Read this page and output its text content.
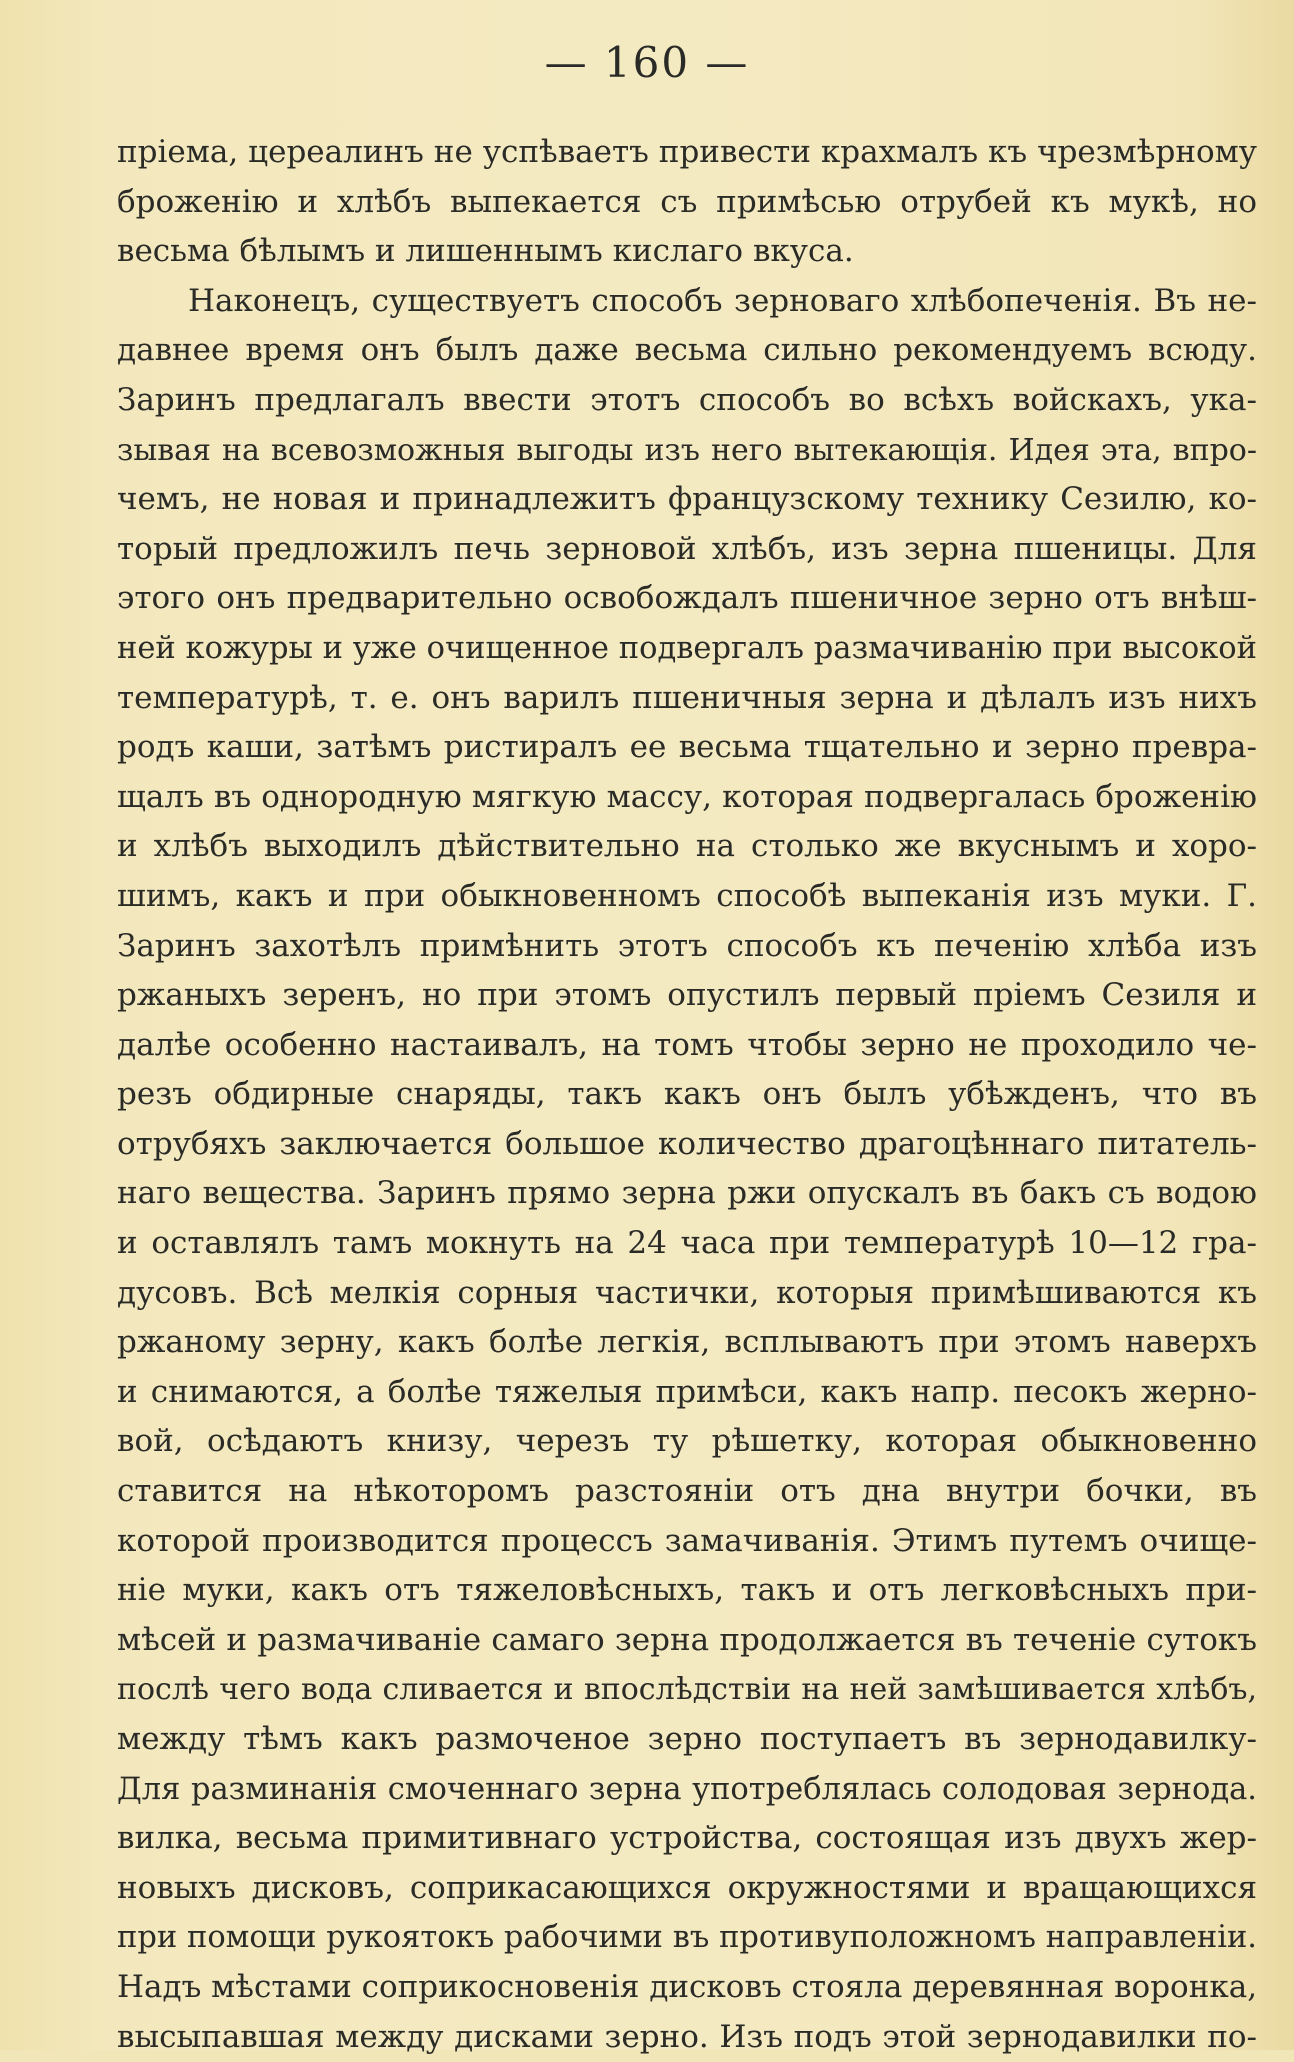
— 160 —
пріема, цереалинъ не успѣваетъ привести крахмалъ къ чрезмѣрному
броженію и хлѣбъ выпекается съ примѣсью отрубей къ мукѣ, но
весьма бѣлымъ и лишеннымъ кислаго вкуса.
Наконецъ, существуетъ способъ зерноваго хлѣбопеченія. Въ не-
давнее время онъ былъ даже весьма сильно рекомендуемъ всюду.
Заринъ предлагалъ ввести этотъ способъ во всѣхъ войскахъ, ука-
зывая на всевозможныя выгоды изъ него вытекающія. Идея эта, впро-
чемъ, не новая и принадлежитъ французскому технику Сезилю, ко-
торый предложилъ печь зерновой хлѣбъ, изъ зерна пшеницы. Для
этого онъ предварительно освобождалъ пшеничное зерно отъ внѣш-
ней кожуры и уже очищенное подвергалъ размачиванію при высокой
температурѣ, т. е. онъ варилъ пшеничныя зерна и дѣлалъ изъ нихъ
родъ каши, затѣмъ ристиралъ ее весьма тщательно и зерно превра-
щалъ въ однородную мягкую массу, которая подвергалась броженію
и хлѣбъ выходилъ дѣйствительно на столько же вкуснымъ и хоро-
шимъ, какъ и при обыкновенномъ способѣ выпеканія изъ муки. Г.
Заринъ захотѣлъ примѣнить этотъ способъ къ печенію хлѣба изъ
ржаныхъ зеренъ, но при этомъ опустилъ первый пріемъ Сезиля и
далѣе особенно настаивалъ, на томъ чтобы зерно не проходило че-
резъ обдирные снаряды, такъ какъ онъ былъ убѣжденъ, что въ
отрубяхъ заключается большое количество драгоцѣннаго питатель-
наго вещества. Заринъ прямо зерна ржи опускалъ въ бакъ съ водою
и оставлялъ тамъ мокнуть на 24 часа при температурѣ 10—12 гра-
дусовъ. Всѣ мелкія сорныя частички, которыя примѣшиваются къ
ржаному зерну, какъ болѣе легкія, всплываютъ при этомъ наверхъ
и снимаются, а болѣе тяжелыя примѣси, какъ напр. песокъ жерно-
вой, осѣдаютъ книзу, черезъ ту рѣшетку, которая обыкновенно
ставится на нѣкоторомъ разстояніи отъ дна внутри бочки, въ
которой производится процессъ замачиванія. Этимъ путемъ очище-
ніе муки, какъ отъ тяжеловѣсныхъ, такъ и отъ легковѣсныхъ при-
мѣсей и размачиваніе самаго зерна продолжается въ теченіе сутокъ
послѣ чего вода сливается и впослѣдствіи на ней замѣшивается хлѣбъ,
между тѣмъ какъ размоченое зерно поступаетъ въ зернодавилку-
Для разминанія смоченнаго зерна употреблялась солодовая зернода.
вилка, весьма примитивнаго устройства, состоящая изъ двухъ жер-
новыхъ дисковъ, соприкасающихся окружностями и вращающихся
при помощи рукоятокъ рабочими въ противуположномъ направленіи.
Надъ мѣстами соприкосновенія дисковъ стояла деревянная воронка,
высыпавшая между дисками зерно. Изъ подъ этой зернодавилки по-
